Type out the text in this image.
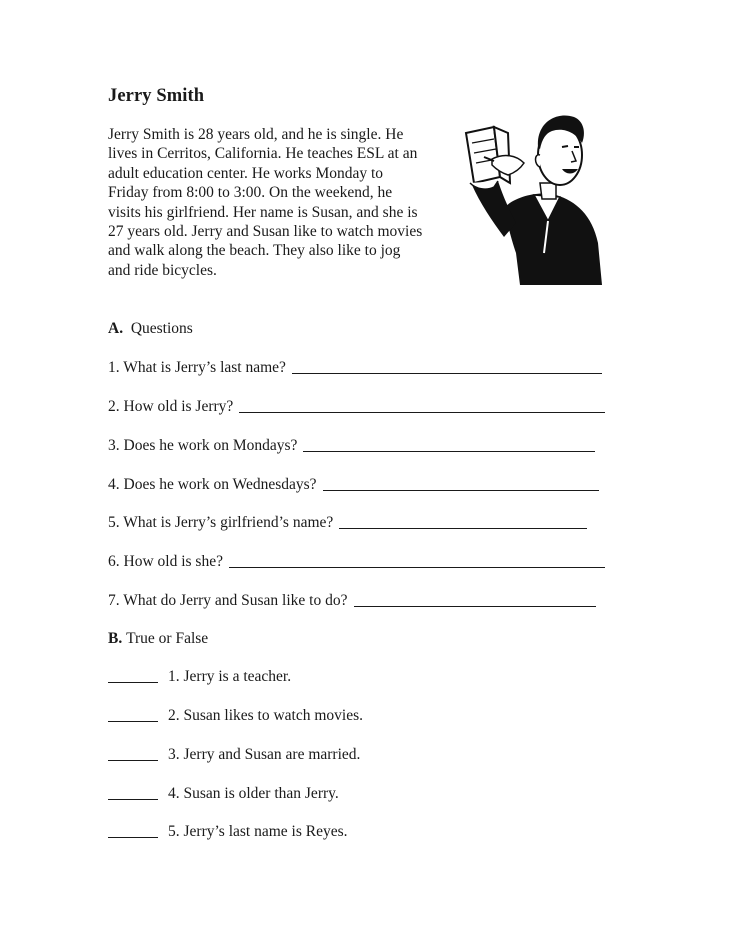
Jerry Smith

Jerry Smith is 28 years old, and he is single. He
lives in Cerritos, California. He teaches ESL at an
adult education center. He works Monday to
Friday from 8:00 to 3:00. On the weekend, he
visits his girlfriend. Her name is Susan, and she is
27 years old. Jerry and Susan like to watch movies
and walk along the beach. They also like to jog
and ride bicycles.

A. Questions

1. What is Jerry’s last name?
2. How old is Jerry?
3. Does he work on Mondays?
4. Does he work on Wednesdays?
5. What is Jerry’s girlfriend’s name?
6. How old is she?
7. What do Jerry and Susan like to do?

B. True or False

1. Jerry is a teacher.
2. Susan likes to watch movies.
3. Jerry and Susan are married.
4. Susan is older than Jerry.
5. Jerry’s last name is Reyes.
